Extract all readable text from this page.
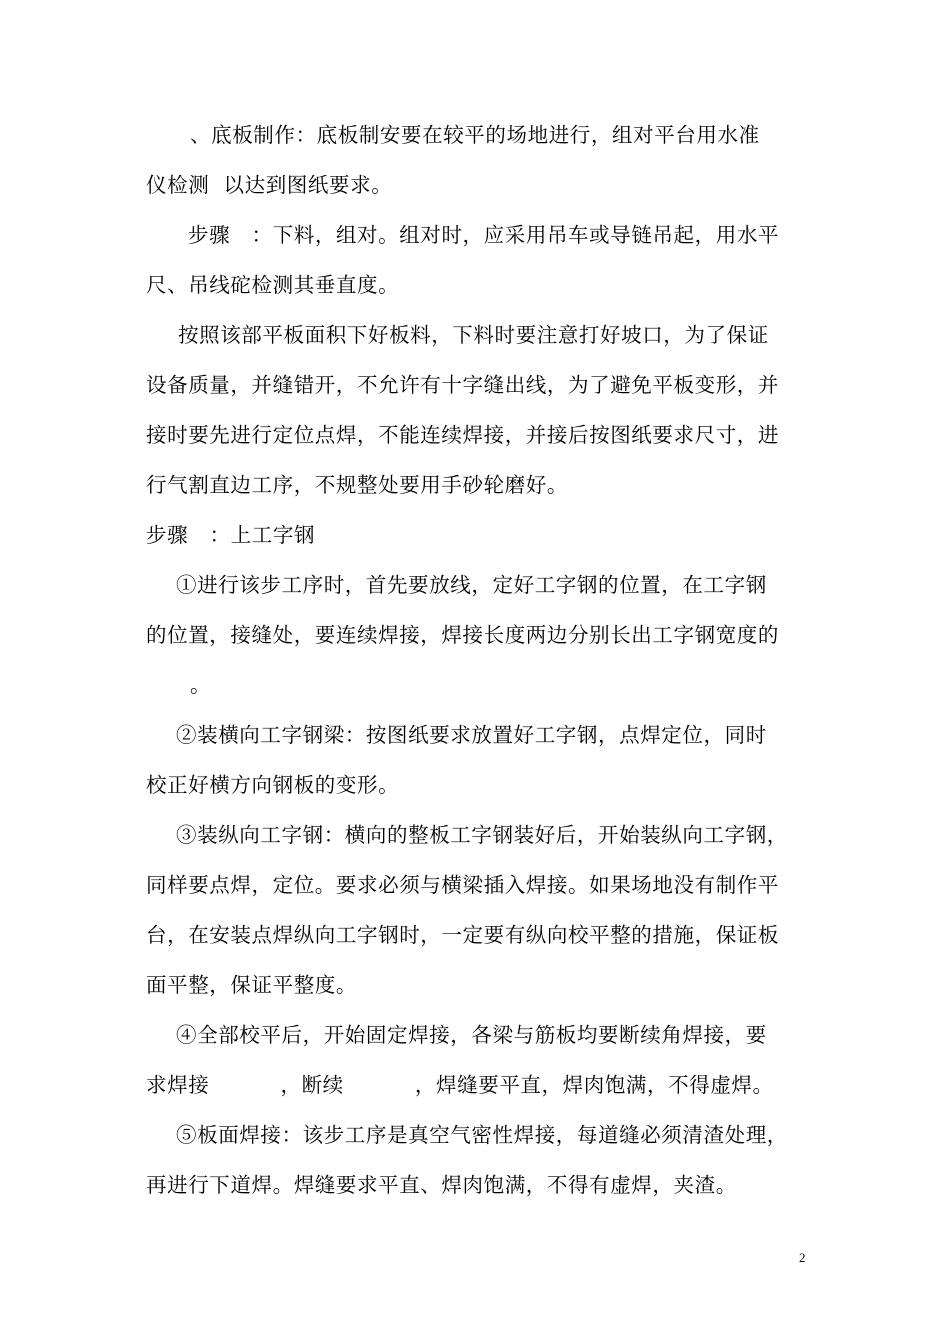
、底板制作：底板制安要在较平的场地进行，组对平台用水准
仪检测  以达到图纸要求。
步骤   ：下料，组对。组对时，应采用吊车或导链吊起，用水平
尺、吊线砣检测其垂直度。
按照该部平板面积下好板料，下料时要注意打好坡口，为了保证
设备质量，并缝错开，不允许有十字缝出线，为了避免平板变形，并
接时要先进行定位点焊，不能连续焊接，并接后按图纸要求尺寸，进
行气割直边工序，不规整处要用手砂轮磨好。
步骤   ：上工字钢
①进行该步工序时，首先要放线，定好工字钢的位置，在工字钢
的位置，接缝处，要连续焊接，焊接长度两边分别长出工字钢宽度的
。
②装横向工字钢梁：按图纸要求放置好工字钢，点焊定位，同时
校正好横方向钢板的变形。
③装纵向工字钢：横向的整板工字钢装好后，开始装纵向工字钢，
同样要点焊，定位。要求必须与横梁插入焊接。如果场地没有制作平
台，在安装点焊纵向工字钢时，一定要有纵向校平整的措施，保证板
面平整，保证平整度。
④全部校平后，开始固定焊接，各梁与筋板均要断续角焊接，要
求焊接          ，断续          ，焊缝要平直，焊肉饱满，不得虚焊。
⑤板面焊接：该步工序是真空气密性焊接，每道缝必须清渣处理，
再进行下道焊。焊缝要求平直、焊肉饱满，不得有虚焊，夹渣。
2
